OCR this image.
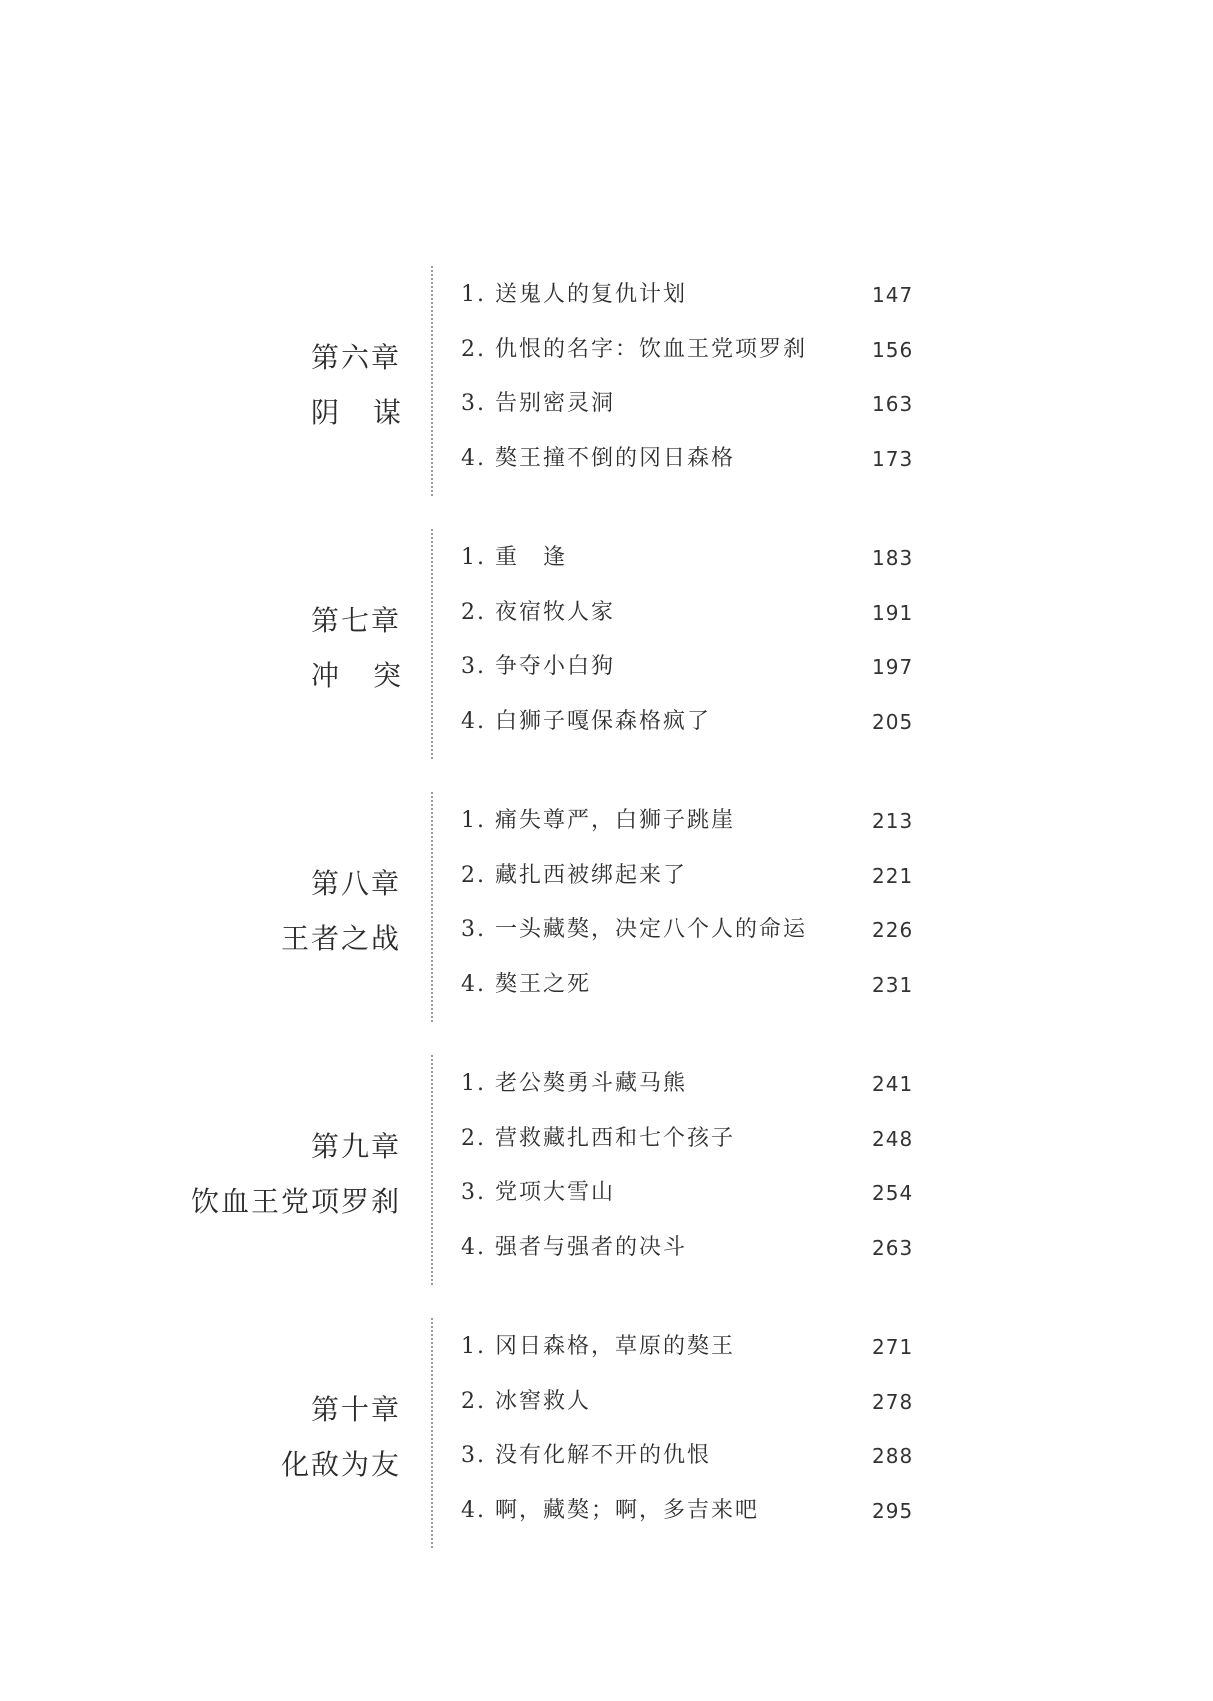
第六章
阴谋
1. 送鬼人的复仇计划	147
2. 仇恨的名字：饮血王党项罗刹	156
3. 告别密灵洞	163
4. 獒王撞不倒的冈日森格	173
第七章
冲突
1. 重　逢	183
2. 夜宿牧人家	191
3. 争夺小白狗	197
4. 白狮子嘎保森格疯了	205
第八章
王者之战
1. 痛失尊严，白狮子跳崖	213
2. 藏扎西被绑起来了	221
3. 一头藏獒，决定八个人的命运	226
4. 獒王之死	231
第九章
饮血王党项罗刹
1. 老公獒勇斗藏马熊	241
2. 营救藏扎西和七个孩子	248
3. 党项大雪山	254
4. 强者与强者的决斗	263
第十章
化敌为友
1. 冈日森格，草原的獒王	271
2. 冰窖救人	278
3. 没有化解不开的仇恨	288
4. 啊，藏獒；啊，多吉来吧	295
